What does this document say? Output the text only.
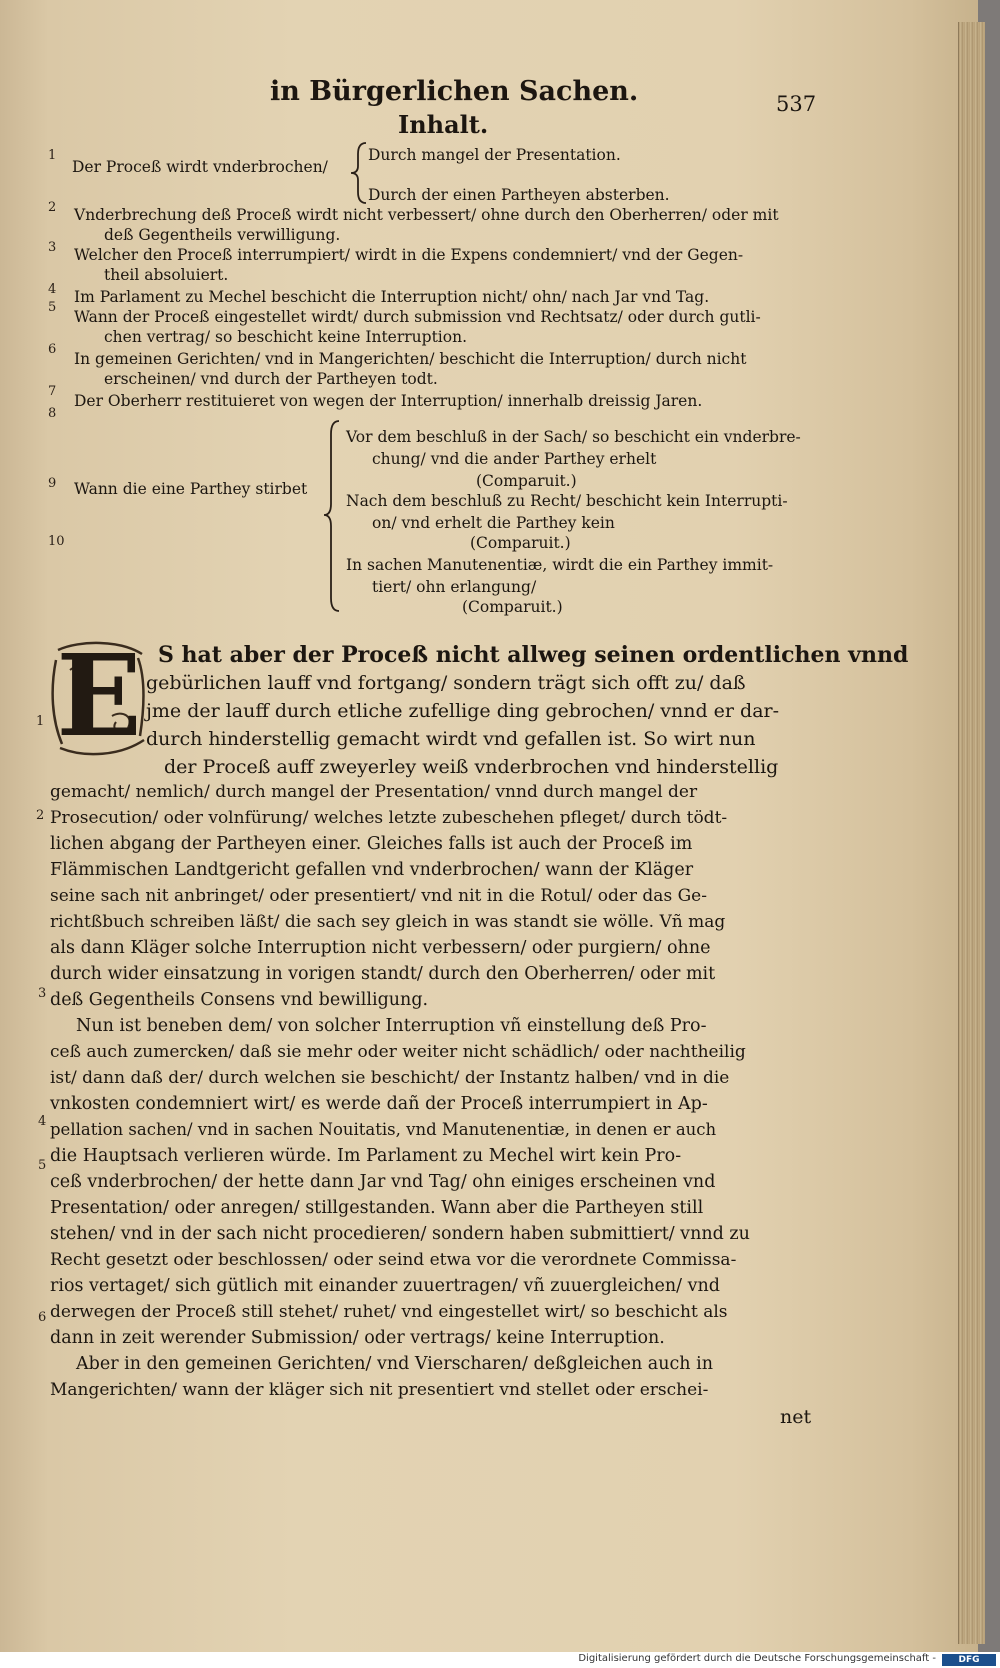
in Bürgerlichen Sachen.	537
Inhalt.
1
2
3
4
5
6
7
8
9
10
Der Proceß wirdt vnderbrochen/
Durch mangel der Presentation.
Durch der einen Partheyen absterben.
Vnderbrechung deß Proceß wirdt nicht verbessert/ ohne durch den Oberherren/ oder mit
deß Gegentheils verwilligung.
Welcher den Proceß interrumpiert/ wirdt in die Expens condemniert/ vnd der Gegen-
theil absoluiert.
Im Parlament zu Mechel beschicht die Interruption nicht/ ohn/ nach Jar vnd Tag.
Wann der Proceß eingestellet wirdt/ durch submission vnd Rechtsatz/ oder durch gutli-
chen vertrag/ so beschicht keine Interruption.
In gemeinen Gerichten/ vnd in Mangerichten/ beschicht die Interruption/ durch nicht
erscheinen/ vnd durch der Partheyen todt.
Der Oberherr restituieret von wegen der Interruption/ innerhalb dreissig Jaren.
Wann die eine Parthey stirbet
Vor dem beschluß in der Sach/ so beschicht ein vnderbre-
chung/ vnd die ander Parthey erhelt
(Comparuit.)
Nach dem beschluß zu Recht/ beschicht kein Interrupti-
on/ vnd erhelt die Parthey kein
(Comparuit.)
In sachen Manutenentiæ, wirdt die ein Parthey immit-
tiert/ ohn erlangung/
(Comparuit.)
E
1
2
3
4
5
6
S hat aber der Proceß nicht allweg seinen ordentlichen vnnd
gebürlichen lauff vnd fortgang/ sondern trägt sich offt zu/ daß
jme der lauff durch etliche zufellige ding gebrochen/ vnnd er dar-
durch hinderstellig gemacht wirdt vnd gefallen ist. So wirt nun
der Proceß auff zweyerley weiß vnderbrochen vnd hinderstellig
gemacht/ nemlich/ durch mangel der Presentation/ vnnd durch mangel der
Prosecution/ oder volnfürung/ welches letzte zubeschehen pfleget/ durch tödt-
lichen abgang der Partheyen einer. Gleiches falls ist auch der Proceß im
Flämmischen Landtgericht gefallen vnd vnderbrochen/ wann der Kläger
seine sach nit anbringet/ oder presentiert/ vnd nit in die Rotul/ oder das Ge-
richtßbuch schreiben läßt/ die sach sey gleich in was standt sie wölle. Vñ mag
als dann Kläger solche Interruption nicht verbessern/ oder purgiern/ ohne
durch wider einsatzung in vorigen standt/ durch den Oberherren/ oder mit
deß Gegentheils Consens vnd bewilligung.
Nun ist beneben dem/ von solcher Interruption vñ einstellung deß Pro-
ceß auch zumercken/ daß sie mehr oder weiter nicht schädlich/ oder nachtheilig
ist/ dann daß der/ durch welchen sie beschicht/ der Instantz halben/ vnd in die
vnkosten condemniert wirt/ es werde dañ der Proceß interrumpiert in Ap-
pellation sachen/ vnd in sachen Nouitatis, vnd Manutenentiæ, in denen er auch
die Hauptsach verlieren würde. Im Parlament zu Mechel wirt kein Pro-
ceß vnderbrochen/ der hette dann Jar vnd Tag/ ohn einiges erscheinen vnd
Presentation/ oder anregen/ stillgestanden. Wann aber die Partheyen still
stehen/ vnd in der sach nicht procedieren/ sondern haben submittiert/ vnnd zu
Recht gesetzt oder beschlossen/ oder seind etwa vor die verordnete Commissa-
rios vertaget/ sich gütlich mit einander zuuertragen/ vñ zuuergleichen/ vnd
derwegen der Proceß still stehet/ ruhet/ vnd eingestellet wirt/ so beschicht als
dann in zeit werender Submission/ oder vertrags/ keine Interruption.
Aber in den gemeinen Gerichten/ vnd Vierscharen/ deßgleichen auch in
Mangerichten/ wann der kläger sich nit presentiert vnd stellet oder erschei-
net
Digitalisierung gefördert durch die Deutsche Forschungsgemeinschaft -	DFG
